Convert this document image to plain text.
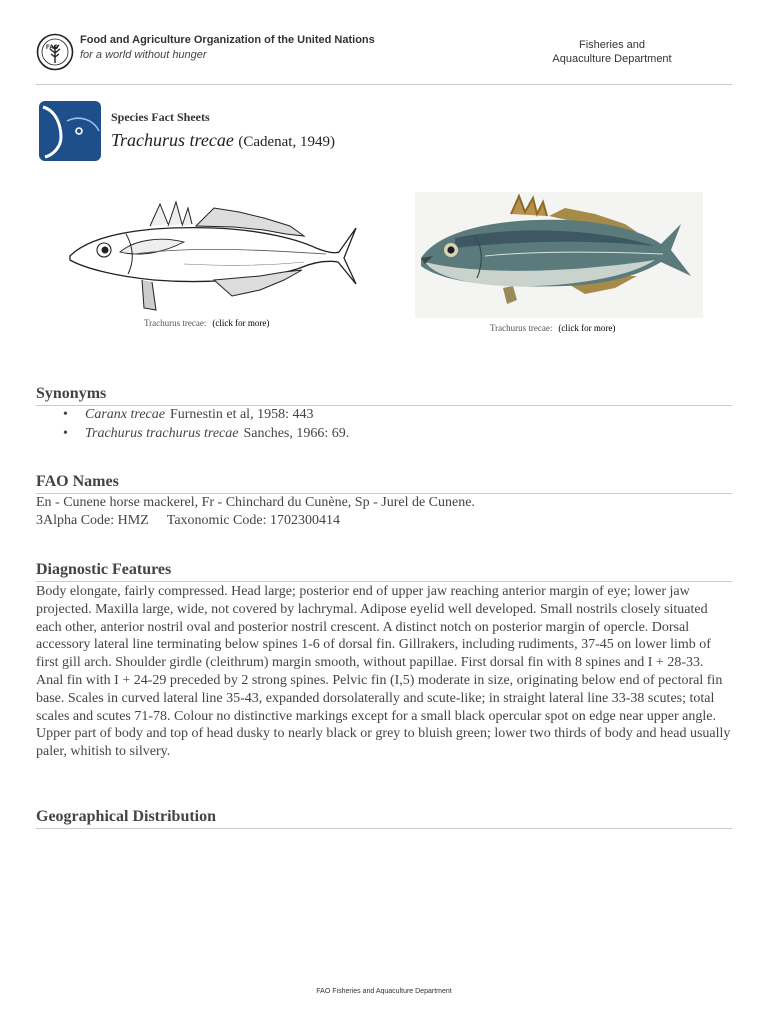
FAO
Food and Agriculture Organization of the United Nations
for a world without hunger
Fisheries and
Aquaculture Department
Species Fact Sheets
Trachurus trecae (Cadenat, 1949)
Trachurus trecae: (click for more)	Trachurus trecae: (click for more)
Synonyms
• Caranx trecae Furnestin et al, 1958: 443
• Trachurus trachurus trecae Sanches, 1966: 69.
FAO Names
En - Cunene horse mackerel, Fr - Chinchard du Cunène, Sp - Jurel de Cunene.
3Alpha Code: HMZ Taxonomic Code: 1702300414
Diagnostic Features
Body elongate, fairly compressed. Head large; posterior end of upper jaw reaching anterior margin of eye; lower jaw projected. Maxilla large, wide, not covered by lachrymal. Adipose eyelid well developed. Small nostrils closely situated each other, anterior nostril oval and posterior nostril crescent. A distinct notch on posterior margin of opercle. Dorsal accessory lateral line terminating below spines 1-6 of dorsal fin. Gillrakers, including rudiments, 37-45 on lower limb of first gill arch. Shoulder girdle (cleithrum) margin smooth, without papillae. First dorsal fin with 8 spines and I + 28-33. Anal fin with I + 24-29 preceded by 2 strong spines. Pelvic fin (I,5) moderate in size, originating below end of pectoral fin base. Scales in curved lateral line 35-43, expanded dorsolaterally and scute-like; in straight lateral line 33-38 scutes; total scales and scutes 71-78. Colour no distinctive markings except for a small black opercular spot on edge near upper angle. Upper part of body and top of head dusky to nearly black or grey to bluish green; lower two thirds of body and head usually paler, whitish to silvery.
Geographical Distribution
FAO Fisheries and Aquaculture Department
